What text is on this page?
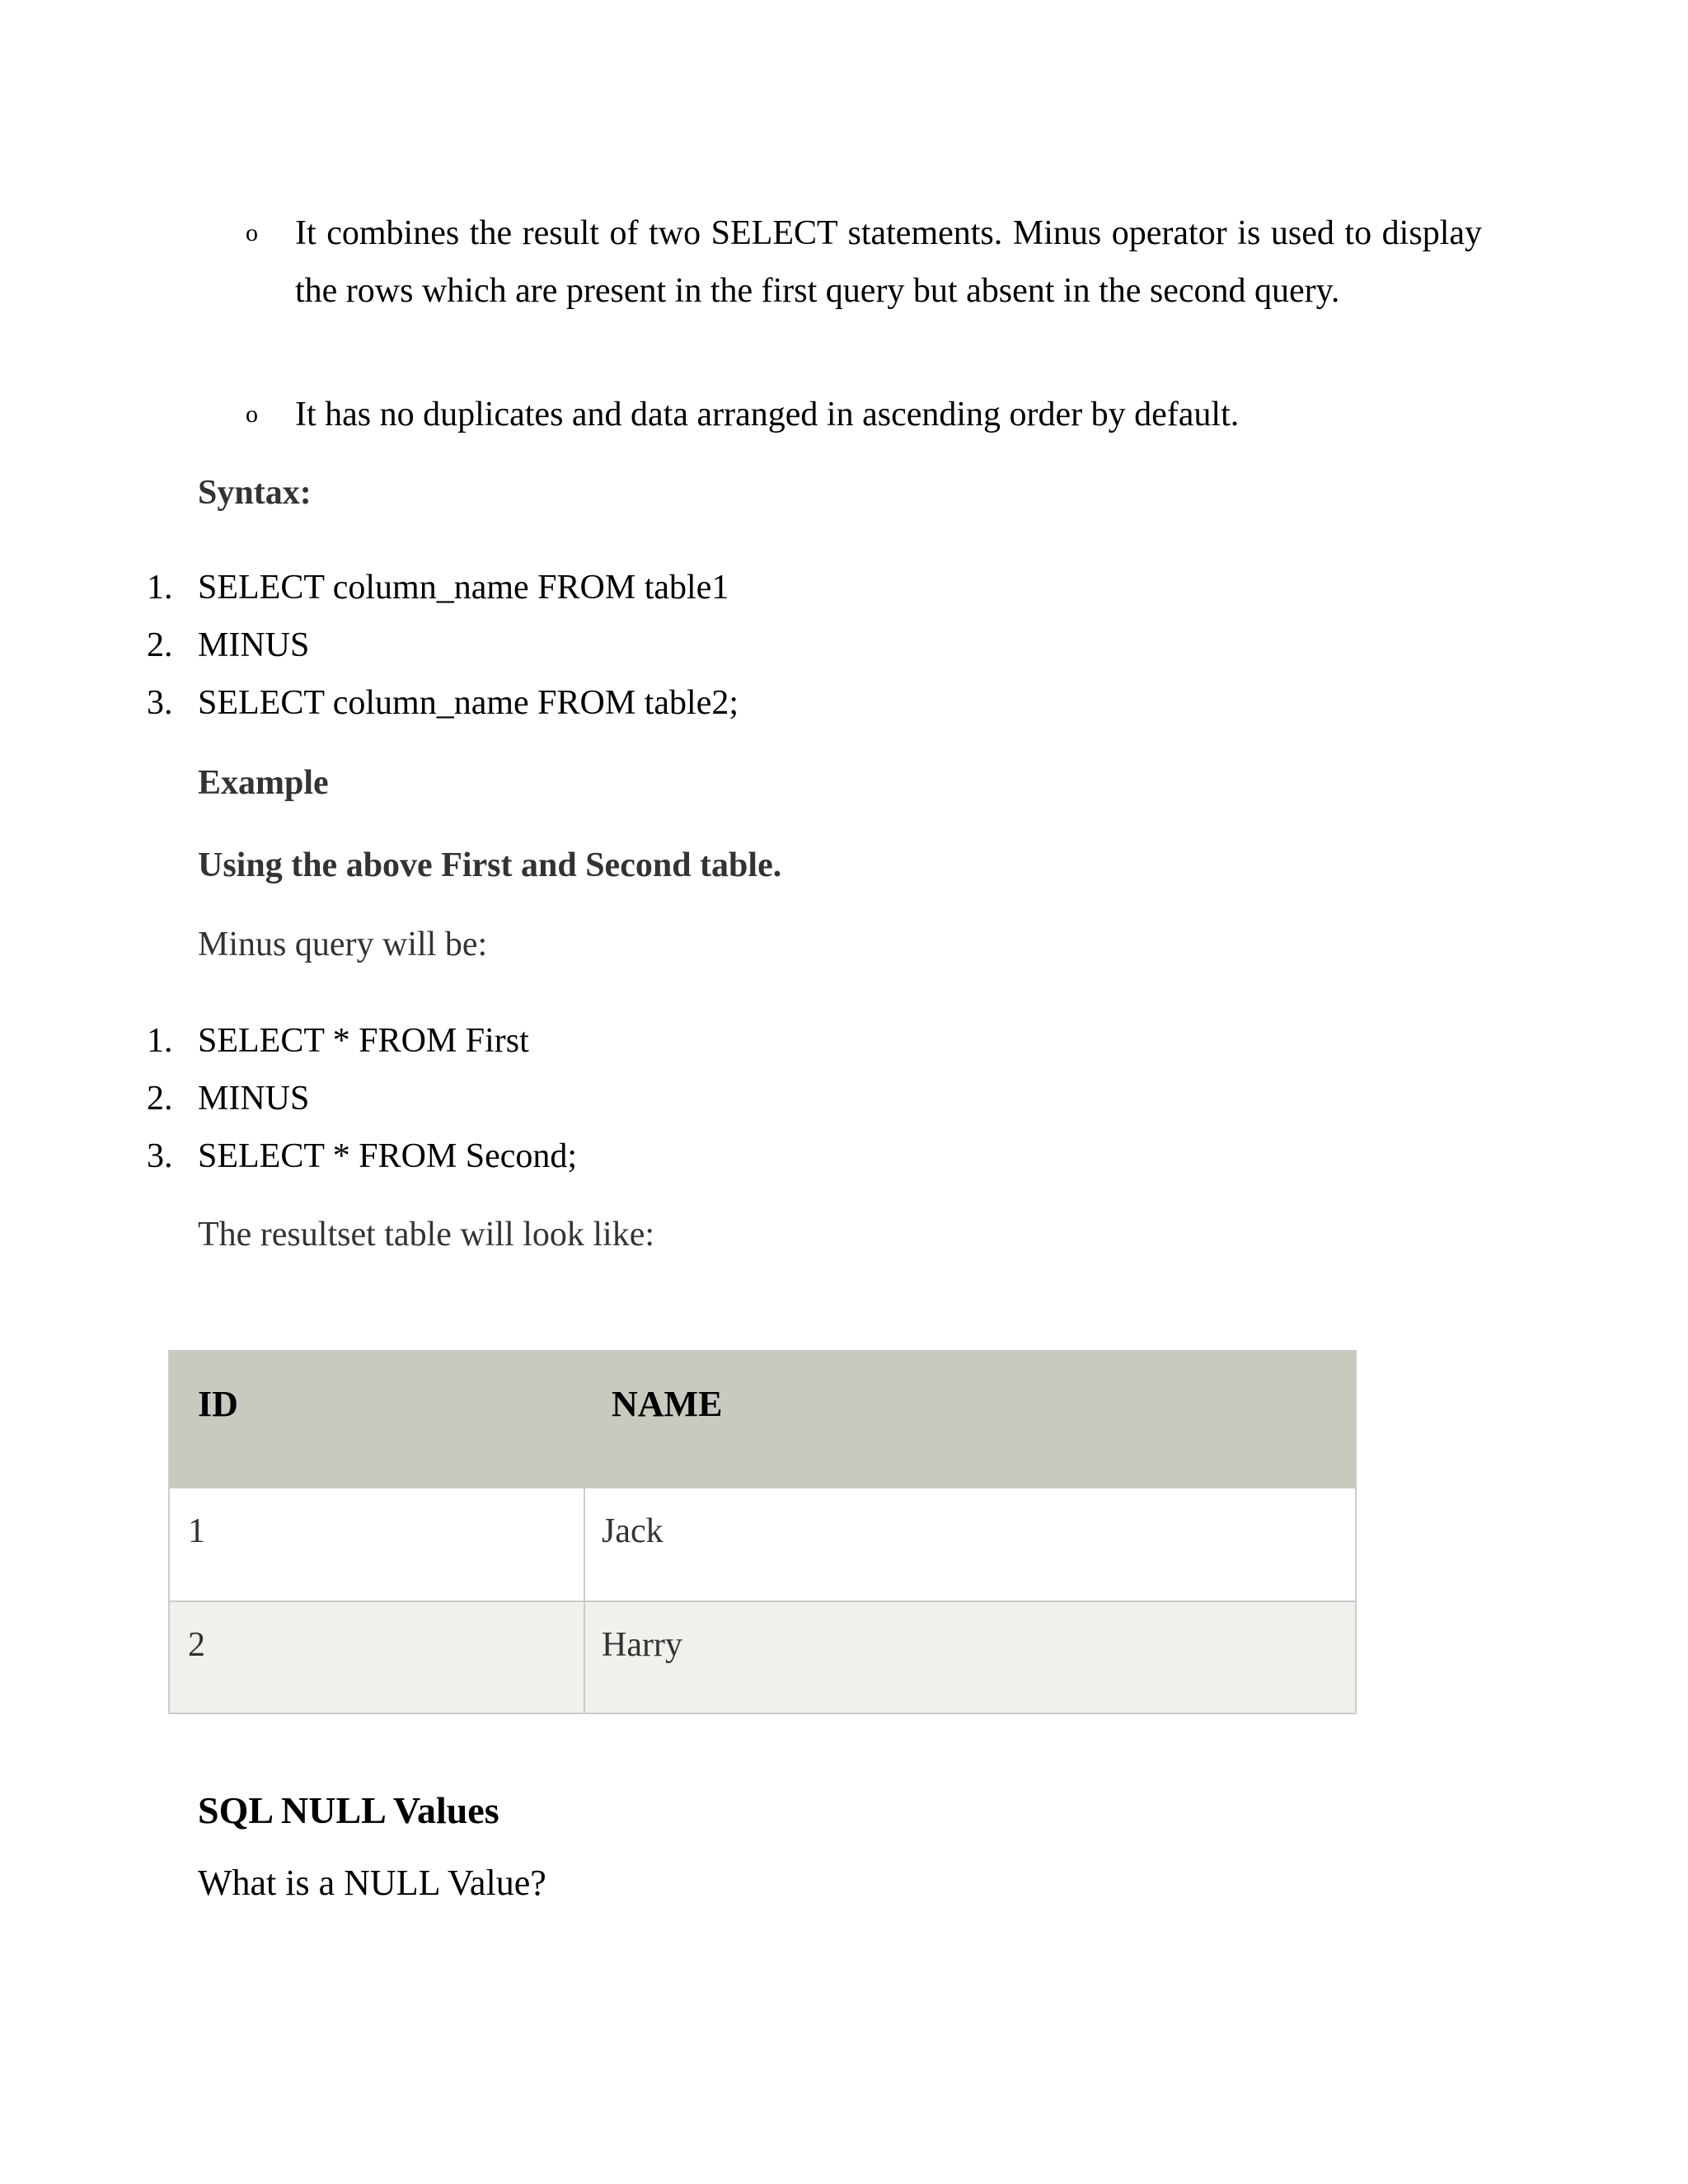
o It combines the result of two SELECT statements. Minus operator is used to display the rows which are present in the first query but absent in the second query.
o It has no duplicates and data arranged in ascending order by default.
Syntax:
1. SELECT column_name FROM table1
2. MINUS
3. SELECT column_name FROM table2;
Example
Using the above First and Second table.
Minus query will be:
1. SELECT * FROM First
2. MINUS
3. SELECT * FROM Second;
The resultset table will look like:
ID	NAME
1	Jack
2	Harry
SQL NULL Values
What is a NULL Value?
